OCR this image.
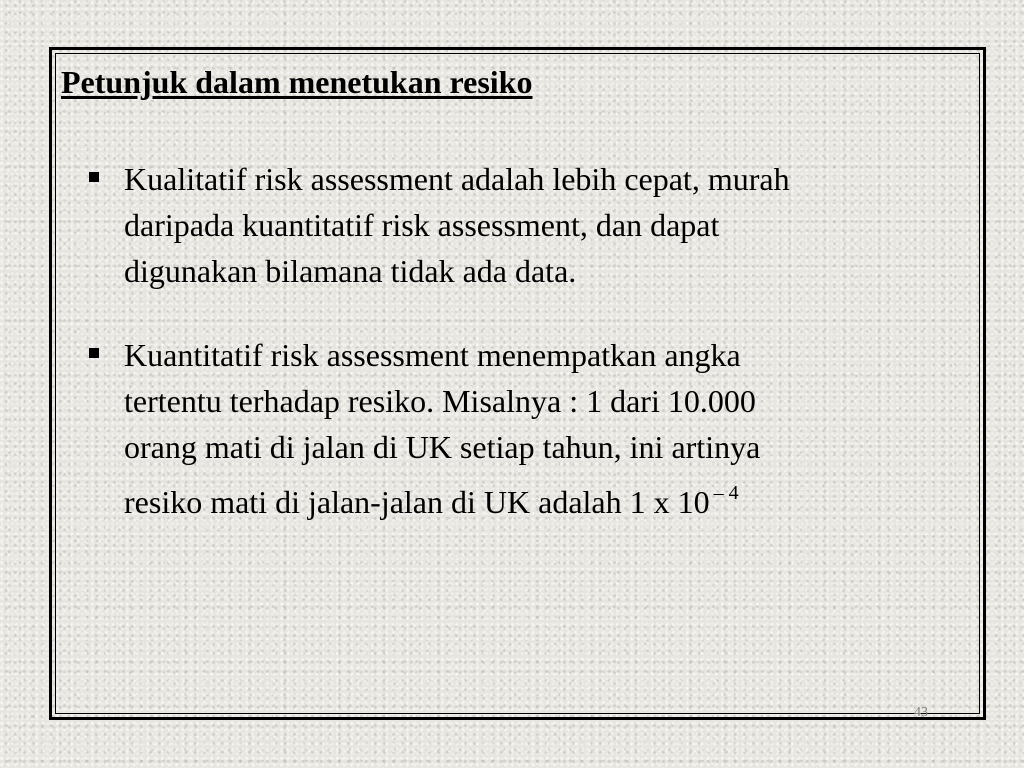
Petunjuk dalam menetukan resiko
Kualitatif risk assessment adalah lebih cepat, murah
daripada kuantitatif risk assessment, dan dapat
digunakan bilamana tidak ada data.
Kuantitatif risk assessment menempatkan angka
tertentu terhadap resiko. Misalnya : 1 dari 10.000
orang mati di jalan di UK setiap tahun, ini artinya
resiko mati di jalan-jalan di UK adalah 1 x 10 $^{- 4}$
43
